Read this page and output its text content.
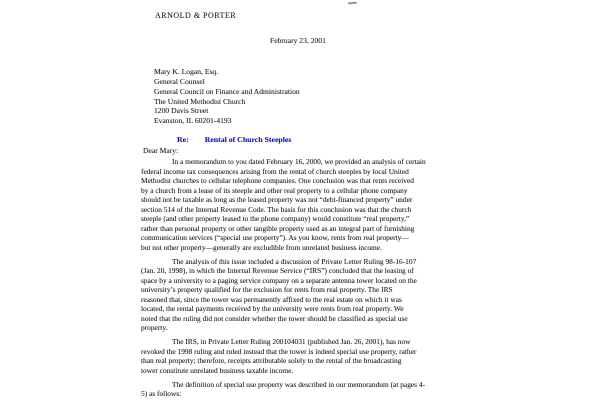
ARNOLD & PORTER
February 23, 2001
Mary K. Logan, Esq.
General Counsel
General Council on Finance and Administration
The United Methodist Church
1200 Davis Street
Evanston, IL 60201-4193
Re: Rental of Church Steeples
Dear Mary:
In a memorandum to you dated February 16, 2000, we provided an analysis of certain
federal income tax consequences arising from the rental of church steeples by local United
Methodist churches to cellular telephone companies. One conclusion was that rents received
by a church from a lease of its steeple and other real property to a cellular phone company
should not be taxable as long as the leased property was not “debt-financed property” under
section 514 of the Internal Revenue Code. The basis for this conclusion was that the church
steeple (and other property leased to the phone company) would constitute “real property,”
rather than personal property or other tangible property used as an integral part of furnishing
communication services (“special use property”). As you know, rents from real property—
but not other property—generally are excludible from unrelated business income.
The analysis of this issue included a discussion of Private Letter Ruling 98-16-107
(Jan. 20, 1998), in which the Internal Revenue Service (“IRS”) concluded that the leasing of
space by a university to a paging service company on a separate antenna tower located on the
university’s property qualified for the exclusion for rents from real property. The IRS
reasoned that, since the tower was permanently affixed to the real estate on which it was
located, the rental payments received by the university were rents from real property. We
noted that the ruling did not consider whether the tower should be classified as special use
property.
The IRS, in Private Letter Ruling 200104031 (published Jan. 26, 2001), has now
revoked the 1998 ruling and ruled instead that the tower is indeed special use property, rather
than real property; therefore, receipts attributable solely to the rental of the broadcasting
tower constitute unrelated business taxable income.
The definition of special use property was described in our memorandum (at pages 4-
5) as follows:
